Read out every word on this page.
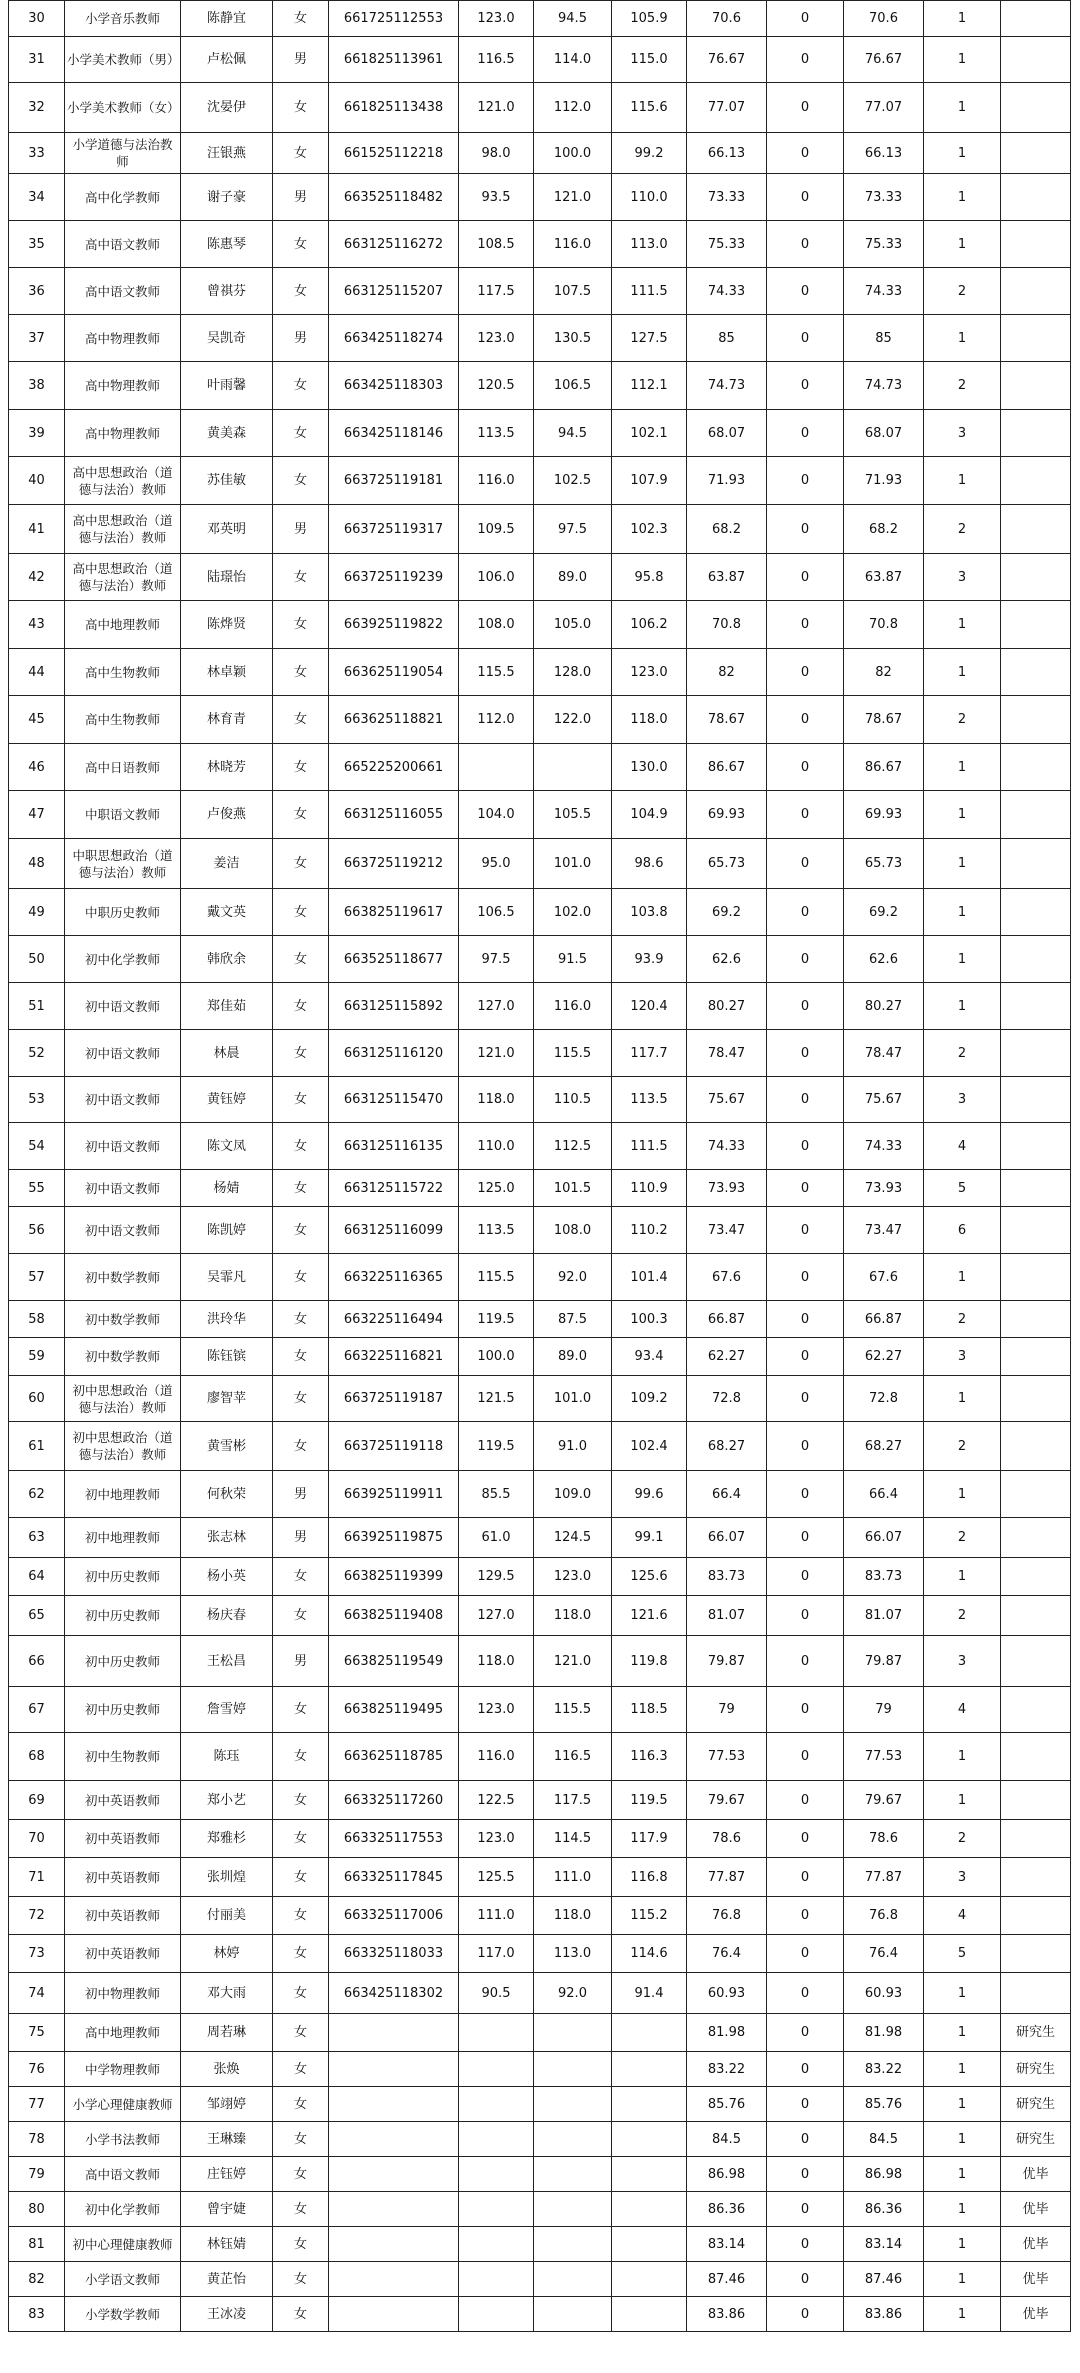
30	小学音乐教师	陈静宜	女	661725112553	123.0	94.5	105.9	70.6	0	70.6	1	
31	小学美术教师（男）	卢松佩	男	661825113961	116.5	114.0	115.0	76.67	0	76.67	1	
32	小学美术教师（女）	沈晏伊	女	661825113438	121.0	112.0	115.6	77.07	0	77.07	1	
33	小学道德与法治教师	汪银燕	女	661525112218	98.0	100.0	99.2	66.13	0	66.13	1	
34	高中化学教师	谢子豪	男	663525118482	93.5	121.0	110.0	73.33	0	73.33	1	
35	高中语文教师	陈惠琴	女	663125116272	108.5	116.0	113.0	75.33	0	75.33	1	
36	高中语文教师	曾祺芬	女	663125115207	117.5	107.5	111.5	74.33	0	74.33	2	
37	高中物理教师	吴凯奇	男	663425118274	123.0	130.5	127.5	85	0	85	1	
38	高中物理教师	叶雨馨	女	663425118303	120.5	106.5	112.1	74.73	0	74.73	2	
39	高中物理教师	黄美森	女	663425118146	113.5	94.5	102.1	68.07	0	68.07	3	
40	高中思想政治（道德与法治）教师	苏佳敏	女	663725119181	116.0	102.5	107.9	71.93	0	71.93	1	
41	高中思想政治（道德与法治）教师	邓英明	男	663725119317	109.5	97.5	102.3	68.2	0	68.2	2	
42	高中思想政治（道德与法治）教师	陆璟怡	女	663725119239	106.0	89.0	95.8	63.87	0	63.87	3	
43	高中地理教师	陈烨贤	女	663925119822	108.0	105.0	106.2	70.8	0	70.8	1	
44	高中生物教师	林卓颖	女	663625119054	115.5	128.0	123.0	82	0	82	1	
45	高中生物教师	林育青	女	663625118821	112.0	122.0	118.0	78.67	0	78.67	2	
46	高中日语教师	林晓芳	女	665225200661			130.0	86.67	0	86.67	1	
47	中职语文教师	卢俊燕	女	663125116055	104.0	105.5	104.9	69.93	0	69.93	1	
48	中职思想政治（道德与法治）教师	姜洁	女	663725119212	95.0	101.0	98.6	65.73	0	65.73	1	
49	中职历史教师	戴文英	女	663825119617	106.5	102.0	103.8	69.2	0	69.2	1	
50	初中化学教师	韩欣余	女	663525118677	97.5	91.5	93.9	62.6	0	62.6	1	
51	初中语文教师	郑佳茹	女	663125115892	127.0	116.0	120.4	80.27	0	80.27	1	
52	初中语文教师	林晨	女	663125116120	121.0	115.5	117.7	78.47	0	78.47	2	
53	初中语文教师	黄钰婷	女	663125115470	118.0	110.5	113.5	75.67	0	75.67	3	
54	初中语文教师	陈文凤	女	663125116135	110.0	112.5	111.5	74.33	0	74.33	4	
55	初中语文教师	杨婧	女	663125115722	125.0	101.5	110.9	73.93	0	73.93	5	
56	初中语文教师	陈凯婷	女	663125116099	113.5	108.0	110.2	73.47	0	73.47	6	
57	初中数学教师	吴霏凡	女	663225116365	115.5	92.0	101.4	67.6	0	67.6	1	
58	初中数学教师	洪玲华	女	663225116494	119.5	87.5	100.3	66.87	0	66.87	2	
59	初中数学教师	陈钰镔	女	663225116821	100.0	89.0	93.4	62.27	0	62.27	3	
60	初中思想政治（道德与法治）教师	廖智苹	女	663725119187	121.5	101.0	109.2	72.8	0	72.8	1	
61	初中思想政治（道德与法治）教师	黄雪彬	女	663725119118	119.5	91.0	102.4	68.27	0	68.27	2	
62	初中地理教师	何秋荣	男	663925119911	85.5	109.0	99.6	66.4	0	66.4	1	
63	初中地理教师	张志林	男	663925119875	61.0	124.5	99.1	66.07	0	66.07	2	
64	初中历史教师	杨小英	女	663825119399	129.5	123.0	125.6	83.73	0	83.73	1	
65	初中历史教师	杨庆春	女	663825119408	127.0	118.0	121.6	81.07	0	81.07	2	
66	初中历史教师	王松昌	男	663825119549	118.0	121.0	119.8	79.87	0	79.87	3	
67	初中历史教师	詹雪婷	女	663825119495	123.0	115.5	118.5	79	0	79	4	
68	初中生物教师	陈珏	女	663625118785	116.0	116.5	116.3	77.53	0	77.53	1	
69	初中英语教师	郑小艺	女	663325117260	122.5	117.5	119.5	79.67	0	79.67	1	
70	初中英语教师	郑雅杉	女	663325117553	123.0	114.5	117.9	78.6	0	78.6	2	
71	初中英语教师	张圳煌	女	663325117845	125.5	111.0	116.8	77.87	0	77.87	3	
72	初中英语教师	付丽美	女	663325117006	111.0	118.0	115.2	76.8	0	76.8	4	
73	初中英语教师	林婷	女	663325118033	117.0	113.0	114.6	76.4	0	76.4	5	
74	初中物理教师	邓大雨	女	663425118302	90.5	92.0	91.4	60.93	0	60.93	1	
75	高中地理教师	周若琳	女					81.98	0	81.98	1	研究生
76	中学物理教师	张焕	女					83.22	0	83.22	1	研究生
77	小学心理健康教师	邹翊婷	女					85.76	0	85.76	1	研究生
78	小学书法教师	王琳臻	女					84.5	0	84.5	1	研究生
79	高中语文教师	庄钰婷	女					86.98	0	86.98	1	优毕
80	初中化学教师	曾宇婕	女					86.36	0	86.36	1	优毕
81	初中心理健康教师	林钰婧	女					83.14	0	83.14	1	优毕
82	小学语文教师	黄芷怡	女					87.46	0	87.46	1	优毕
83	小学数学教师	王冰凌	女					83.86	0	83.86	1	优毕
